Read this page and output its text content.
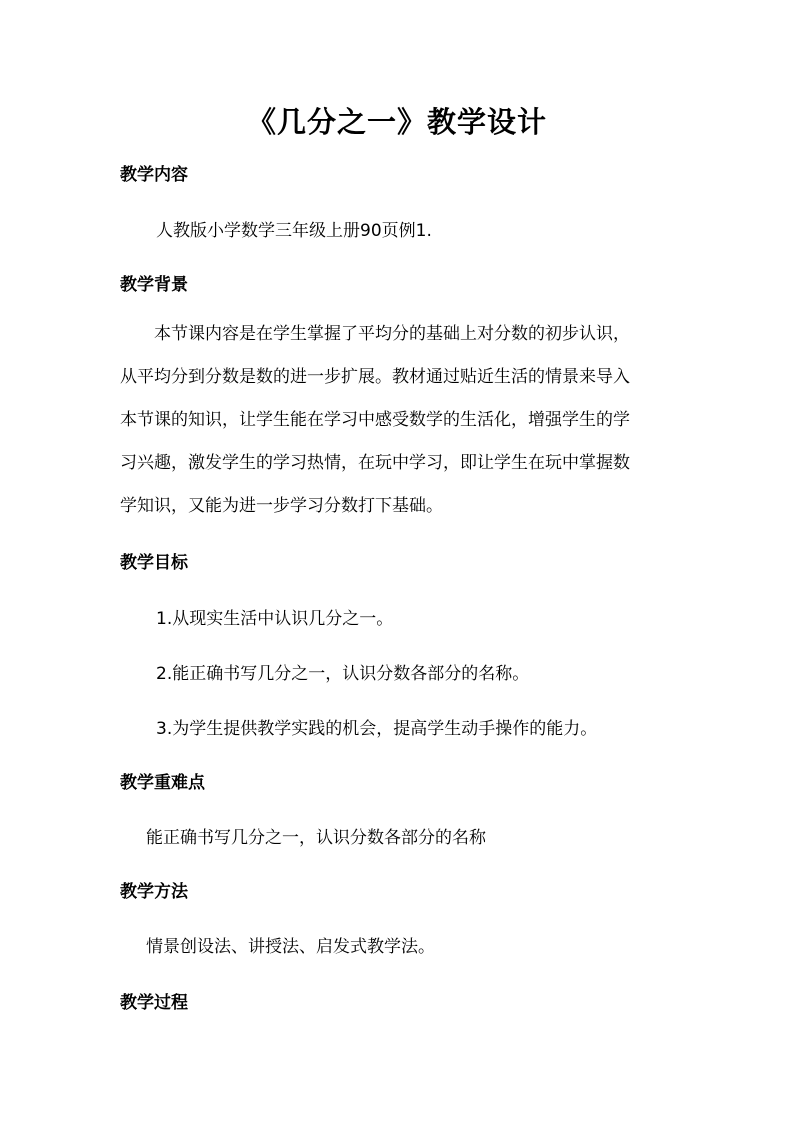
《几分之一》教学设计
教学内容
人教版小学数学三年级上册90页例1.
教学背景

本节课内容是在学生掌握了平均分的基础上对分数的初步认识，

从平均分到分数是数的进一步扩展。教材通过贴近生活的情景来导入

本节课的知识，让学生能在学习中感受数学的生活化，增强学生的学

习兴趣，激发学生的学习热情，在玩中学习，即让学生在玩中掌握数

学知识，又能为进一步学习分数打下基础。

教学目标
1.从现实生活中认识几分之一。
2.能正确书写几分之一，认识分数各部分的名称。
3.为学生提供教学实践的机会，提高学生动手操作的能力。
教学重难点
能正确书写几分之一，认识分数各部分的名称
教学方法
情景创设法、讲授法、启发式教学法。
教学过程
